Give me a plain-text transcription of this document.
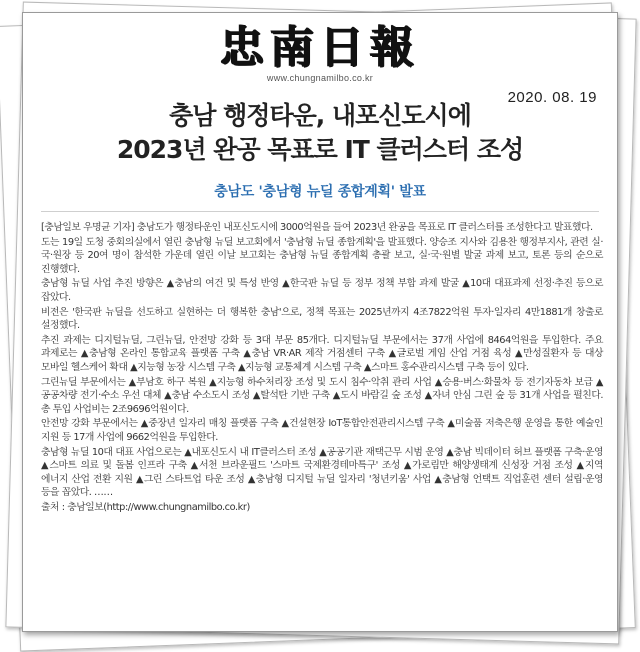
忠南日報
www.chungnamilbo.co.kr
2020. 08. 19
충남 행정타운, 내포신도시에
2023년 완공 목표로 IT 클러스터 조성
충남도 '충남형 뉴딜 종합계획' 발표

[충남일보 우명균 기자] 충남도가 행정타운인 내포신도시에 3000억원을 들여 2023년 완공을 목표로 IT 클러스터를 조성한다고 발표했다.

도는 19일 도청 중회의실에서 열린 충남형 뉴딜 보고회에서 '충남형 뉴딜 종합계획'을 발표했다. 양승조 지사와 김용찬 행정부지사, 관련 실·국·원장 등 20여 명이 참석한 가운데 열린 이날 보고회는 충남형 뉴딜 종합계획 총괄 보고, 실·국·원별 발굴 과제 보고, 토론 등의 순으로 진행했다.

충남형 뉴딜 사업 추진 방향은 ▲충남의 여건 및 특성 반영 ▲한국판 뉴딜 등 정부 정책 부합 과제 발굴 ▲10대 대표과제 선정·추진 등으로 잡았다.

비전은 '한국판 뉴딜을 선도하고 실현하는 더 행복한 충남'으로, 정책 목표는 2025년까지 4조7822억원 투자·일자리 4만1881개 창출로 설정했다.

추진 과제는 디지털뉴딜, 그린뉴딜, 안전망 강화 등 3대 부문 85개다. 디지털뉴딜 부문에서는 37개 사업에 8464억원을 투입한다. 주요 과제로는 ▲충남형 온라인 통합교육 플랫폼 구축 ▲충남 VR·AR 제작 거점센터 구축 ▲글로벌 게임 산업 거점 육성 ▲만성질환자 등 대상 모바일 헬스케어 확대 ▲지능형 농장 시스템 구축 ▲지능형 교통체계 시스템 구축 ▲스마트 홍수관리시스템 구축 등이 있다.

그린뉴딜 부문에서는 ▲부남호 하구 복원 ▲지능형 하수처리장 조성 및 도시 침수·악취 관리 사업 ▲승용·버스·화물차 등 전기자동차 보급 ▲공공차량 전기·수소 우선 대체 ▲충남 수소도시 조성 ▲탈석탄 기반 구축 ▲도시 바람길 숲 조성 ▲자녀 안심 그린 숲 등 31개 사업을 펼친다. 총 투입 사업비는 2조9696억원이다.

안전망 강화 부문에서는 ▲중장년 일자리 매칭 플랫폼 구축 ▲건설현장 IoT통합안전관리시스템 구축 ▲미술품 저축은행 운영을 통한 예술인 지원 등 17개 사업에 9662억원을 투입한다.

충남형 뉴딜 10대 대표 사업으로는 ▲내포신도시 내 IT클러스터 조성 ▲공공기관 재택근무 시범 운영 ▲충남 빅데이터 허브 플랫폼 구축·운영 ▲스마트 의료 및 돌봄 인프라 구축 ▲서천 브라운필드 '스마트 국제환경테마특구' 조성 ▲가로림만 해양생태계 신성장 거점 조성 ▲지역 에너지 산업 전환 지원 ▲그린 스타트업 타운 조성 ▲충남형 디지털 뉴딜 일자리 '청년키움' 사업 ▲충남형 언택트 직업훈련 센터 설립·운영 등을 꼽았다. ……

출처 : 충남일보(http://www.chungnamilbo.co.kr)
